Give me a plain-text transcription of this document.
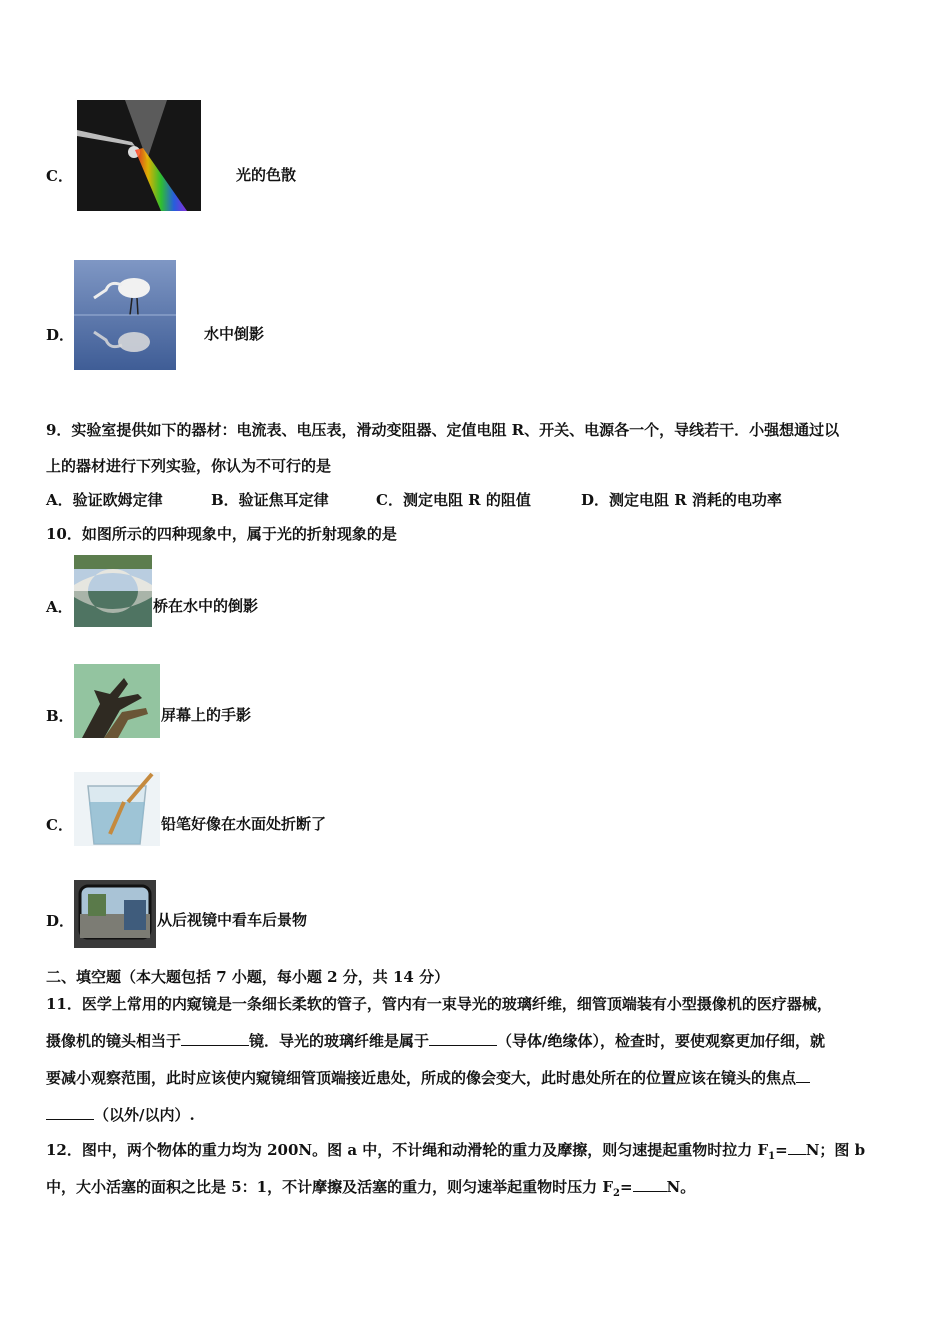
C．	光的色散
D．	水中倒影
9．实验室提供如下的器材：电流表、电压表，滑动变阻器、定值电阻 R、开关、电源各一个，导线若干．小强想通过以
上的器材进行下列实验，你认为不可行的是
A．验证欧姆定律	B．验证焦耳定律	C．测定电阻 R 的阻值	D．测定电阻 R 消耗的电功率
10．如图所示的四种现象中，属于光的折射现象的是
A．	桥在水中的倒影
B．	屏幕上的手影
C．	铅笔好像在水面处折断了
D．	从后视镜中看车后景物
二、填空题（本大题包括 7 小题，每小题 2 分，共 14 分）
11．医学上常用的内窥镜是一条细长柔软的管子，管内有一束导光的玻璃纤维，细管顶端装有小型摄像机的医疗器械，
摄像机的镜头相当于	镜．导光的玻璃纤维是属于	（导体/绝缘体），检查时，要使观察更加仔细，就
要减小观察范围，此时应该使内窥镜细管顶端接近患处，所成的像会变大，此时患处所在的位置应该在镜头的焦点
（以外/以内）.
12．图中，两个物体的重力均为 200N。图 a 中，不计绳和动滑轮的重力及摩擦，则匀速提起重物时拉力 $F_1= N$；图 b
中，大小活塞的面积之比是 5：1，不计摩擦及活塞的重力，则匀速举起重物时压力 $F_2= N$。
